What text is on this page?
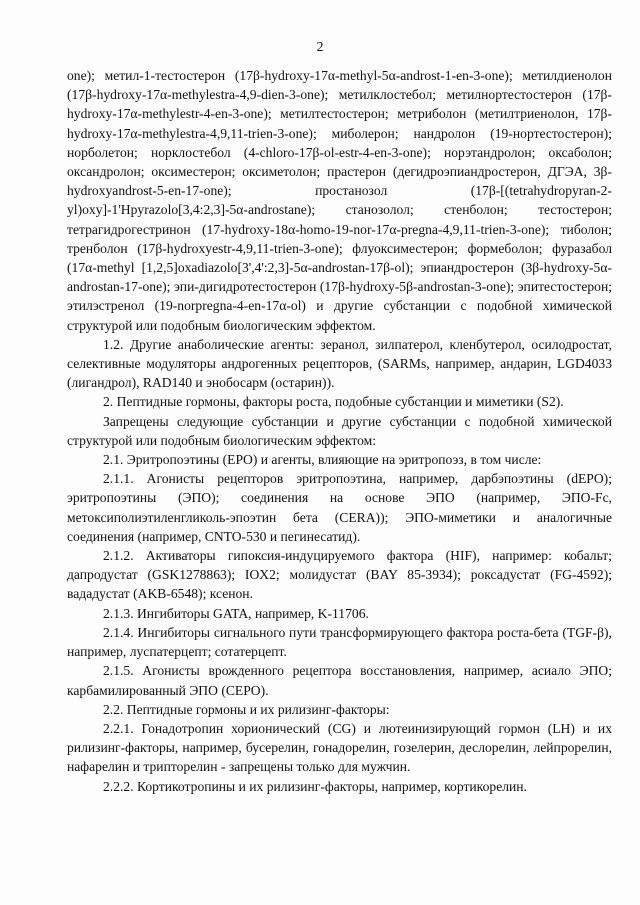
2

one); метил-1-тестостерон (17β-hydroxy-17α-methyl-5α-androst-1-en-3-one); метилдиенолон (17β-hydroxy-17α-methylestra-4,9-dien-3-one); метилклостебол; метилнортестостерон (17β-hydroxy-17α-methylestr-4-en-3-one); метилтестостерон; метриболон (метилтриенолон, 17β-hydroxy-17α-methylestra-4,9,11-trien-3-one); миболерон; нандролон (19-нортестостерон); норболетон; норклостебол (4-chloro-17β-ol-estr-4-en-3-one); норэтандролон; оксаболон; оксандролон; оксиместерон; оксиметолон; прастерон (дегидроэпиандростерон, ДГЭА, 3β-hydroxyandrost-5-en-17-one); простанозол (17β-[(tetrahydropyran-2-yl)oxy]-1'Hpyrazolo[3,4:2,3]-5α-androstane); станозолол; стенболон; тестостерон; тетрагидрогестринон (17-hydroxy-18α-homo-19-nor-17α-pregna-4,9,11-trien-3-one); тиболон; тренболон (17β-hydroxyestr-4,9,11-trien-3-one); флуоксиместерон; формеболон; фуразабол (17α-methyl [1,2,5]oxadiazolo[3',4':2,3]-5α-androstan-17β-ol); эпиандростерон (3β-hydroxy-5α-androstan-17-one); эпи-дигидротестостерон (17β-hydroxy-5β-androstan-3-one); эпитестостерон; этилэстренол (19-norpregna-4-en-17α-ol) и другие субстанции с подобной химической структурой или подобным биологическим эффектом.

1.2. Другие анаболические агенты: зеранол, зилпатерол, кленбутерол, осилодростат, селективные модуляторы андрогенных рецепторов, (SARMs, например, андарин, LGD4033 (лигандрол), RAD140 и энобосарм (остарин)).

2. Пептидные гормоны, факторы роста, подобные субстанции и миметики (S2).

Запрещены следующие субстанции и другие субстанции с подобной химической структурой или подобным биологическим эффектом:

2.1. Эритропоэтины (EPO) и агенты, влияющие на эритропоэз, в том числе:

2.1.1. Агонисты рецепторов эритропоэтина, например, дарбэпоэтины (dEPO); эритропоэтины (ЭПО); соединения на основе ЭПО (например, ЭПО-Fc, метоксиполиэтиленгликоль-эпоэтин бета (CERA)); ЭПО-миметики и аналогичные соединения (например, CNTO-530 и пегинесатид).

2.1.2. Активаторы гипоксия-индуцируемого фактора (HIF), например: кобальт; дапродустат (GSK1278863); IOX2; молидустат (BAY 85-3934); роксадустат (FG-4592); вададустат (AKB-6548); ксенон.

2.1.3. Ингибиторы GATA, например, K-11706.

2.1.4. Ингибиторы сигнального пути трансформирующего фактора роста-бета (TGF-β), например, луспатерцепт; сотатерцепт.

2.1.5. Агонисты врожденного рецептора восстановления, например, асиало ЭПО; карбамилированный ЭПО (CEPO).

2.2. Пептидные гормоны и их рилизинг-факторы:

2.2.1. Гонадотропин хорионический (CG) и лютеинизирующий гормон (LH) и их рилизинг-факторы, например, бусерелин, гонадорелин, гозелерин, деслорелин, лейпрорелин, нафарелин и трипторелин - запрещены только для мужчин.

2.2.2. Кортикотропины и их рилизинг-факторы, например, кортикорелин.
